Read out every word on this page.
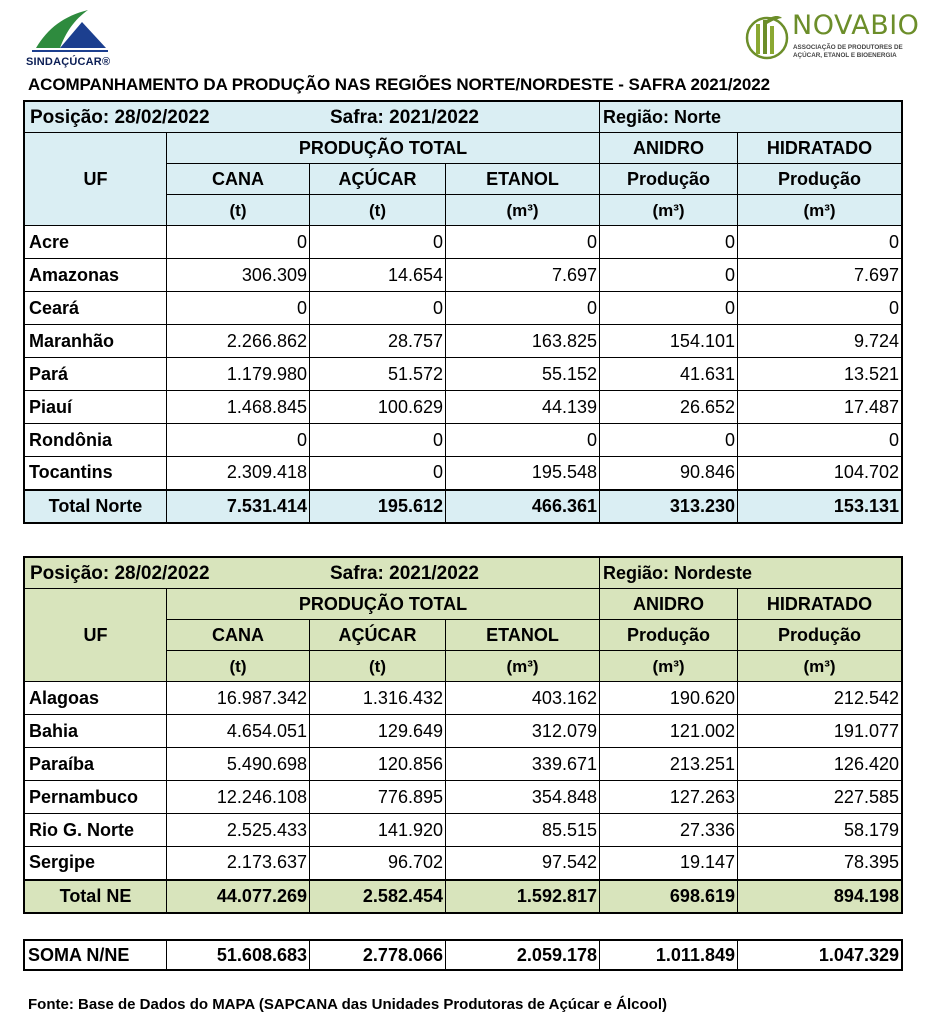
SINDAÇÚCAR®
NOVABIO
ASSOCIAÇÃO DE PRODUTORES DE
AÇÚCAR, ETANOL E BIOENERGIA
ACOMPANHAMENTO DA PRODUÇÃO NAS REGIÕES NORTE/NORDESTE - SAFRA 2021/2022
Posição: 28/02/2022 Safra: 2021/2022				Região: Norte	
UF	PRODUÇÃO TOTAL			ANIDRO	HIDRATADO
	CANA	AÇÚCAR	ETANOL	Produção	Produção
	(t)	(t)	(m³)	(m³)	(m³)
Acre	0	0	0	0	0
Amazonas	306.309	14.654	7.697	0	7.697
Ceará	0	0	0	0	0
Maranhão	2.266.862	28.757	163.825	154.101	9.724
Pará	1.179.980	51.572	55.152	41.631	13.521
Piauí	1.468.845	100.629	44.139	26.652	17.487
Rondônia	0	0	0	0	0
Tocantins	2.309.418	0	195.548	90.846	104.702
Total Norte	7.531.414	195.612	466.361	313.230	153.131
Posição: 28/02/2022 Safra: 2021/2022				Região: Nordeste	
UF	PRODUÇÃO TOTAL			ANIDRO	HIDRATADO
	CANA	AÇÚCAR	ETANOL	Produção	Produção
	(t)	(t)	(m³)	(m³)	(m³)
Alagoas	16.987.342	1.316.432	403.162	190.620	212.542
Bahia	4.654.051	129.649	312.079	121.002	191.077
Paraíba	5.490.698	120.856	339.671	213.251	126.420
Pernambuco	12.246.108	776.895	354.848	127.263	227.585
Rio G. Norte	2.525.433	141.920	85.515	27.336	58.179
Sergipe	2.173.637	96.702	97.542	19.147	78.395
Total NE	44.077.269	2.582.454	1.592.817	698.619	894.198
SOMA N/NE	51.608.683	2.778.066	2.059.178	1.011.849	1.047.329
Fonte: Base de Dados do MAPA (SAPCANA das Unidades Produtoras de Açúcar e Álcool)
